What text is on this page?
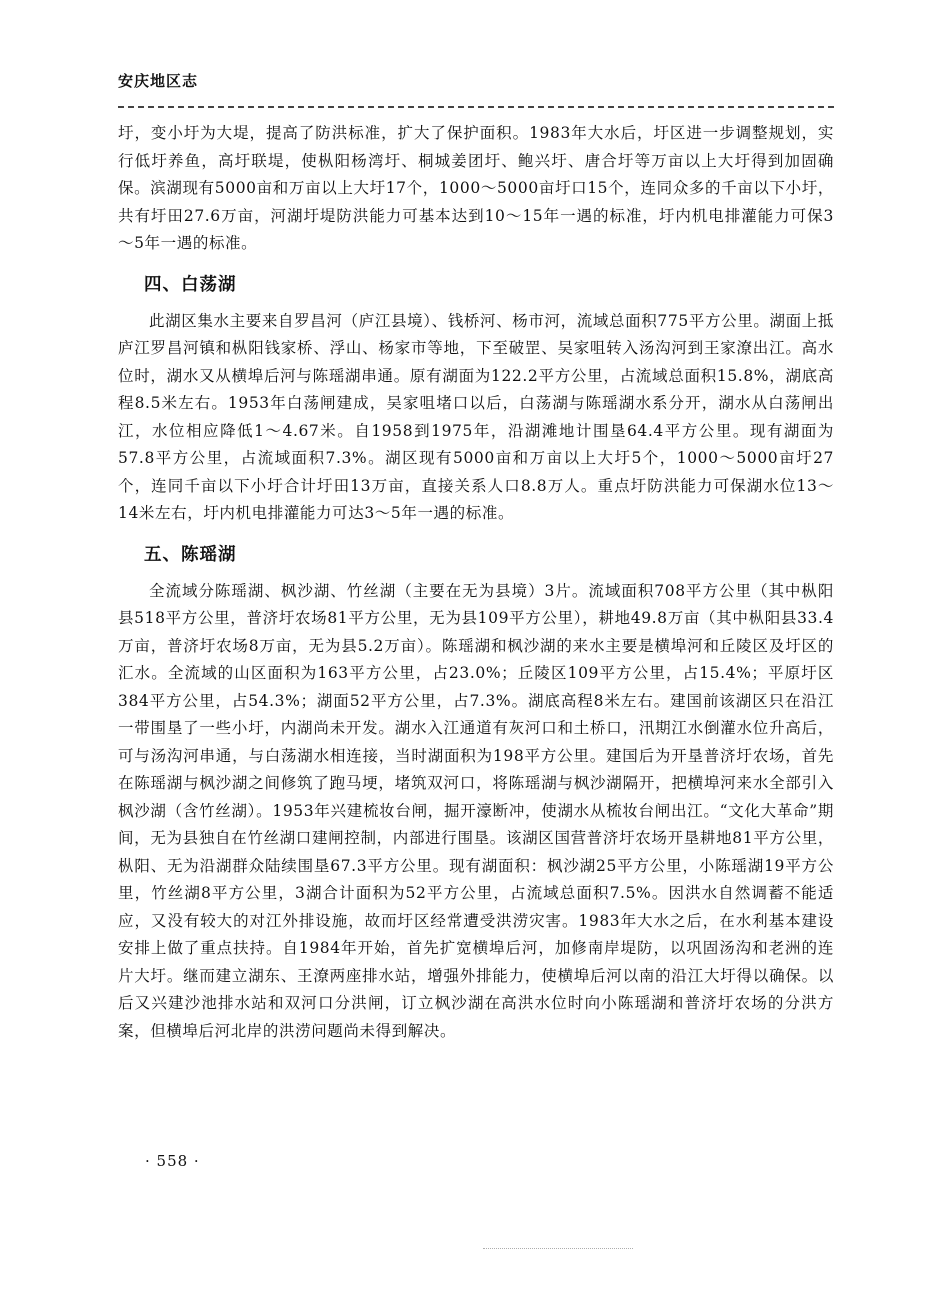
安庆地区志

圩，变小圩为大堤，提高了防洪标准，扩大了保护面积。1983年大水后，圩区进一步调整规划，实行低圩养鱼，高圩联堤，使枞阳杨湾圩、桐城姜团圩、鲍兴圩、唐合圩等万亩以上大圩得到加固确保。滨湖现有5000亩和万亩以上大圩17个，1000～5000亩圩口15个，连同众多的千亩以下小圩，共有圩田27.6万亩，河湖圩堤防洪能力可基本达到10～15年一遇的标准，圩内机电排灌能力可保3～5年一遇的标准。

四、白荡湖

此湖区集水主要来自罗昌河（庐江县境）、钱桥河、杨市河，流域总面积775平方公里。湖面上抵庐江罗昌河镇和枞阳钱家桥、浮山、杨家市等地，下至破罡、吴家咀转入汤沟河到王家潦出江。高水位时，湖水又从横埠后河与陈瑶湖串通。原有湖面为122.2平方公里，占流域总面积15.8%，湖底高程8.5米左右。1953年白荡闸建成，吴家咀堵口以后，白荡湖与陈瑶湖水系分开，湖水从白荡闸出江，水位相应降低1～4.67米。自1958到1975年，沿湖滩地计围垦64.4平方公里。现有湖面为57.8平方公里，占流域面积7.3%。湖区现有5000亩和万亩以上大圩5个，1000～5000亩圩27个，连同千亩以下小圩合计圩田13万亩，直接关系人口8.8万人。重点圩防洪能力可保湖水位13～14米左右，圩内机电排灌能力可达3～5年一遇的标准。

五、陈瑶湖

全流域分陈瑶湖、枫沙湖、竹丝湖（主要在无为县境）3片。流域面积708平方公里（其中枞阳县518平方公里，普济圩农场81平方公里，无为县109平方公里），耕地49.8万亩（其中枞阳县33.4万亩，普济圩农场8万亩，无为县5.2万亩）。陈瑶湖和枫沙湖的来水主要是横埠河和丘陵区及圩区的汇水。全流域的山区面积为163平方公里，占23.0%；丘陵区109平方公里，占15.4%；平原圩区384平方公里，占54.3%；湖面52平方公里，占7.3%。湖底高程8米左右。建国前该湖区只在沿江一带围垦了一些小圩，内湖尚未开发。湖水入江通道有灰河口和土桥口，汛期江水倒灌水位升高后，可与汤沟河串通，与白荡湖水相连接，当时湖面积为198平方公里。建国后为开垦普济圩农场，首先在陈瑶湖与枫沙湖之间修筑了跑马埂，堵筑双河口，将陈瑶湖与枫沙湖隔开，把横埠河来水全部引入枫沙湖（含竹丝湖）。1953年兴建梳妆台闸，掘开濠断冲，使湖水从梳妆台闸出江。“文化大革命”期间，无为县独自在竹丝湖口建闸控制，内部进行围垦。该湖区国营普济圩农场开垦耕地81平方公里，枞阳、无为沿湖群众陆续围垦67.3平方公里。现有湖面积：枫沙湖25平方公里，小陈瑶湖19平方公里，竹丝湖8平方公里，3湖合计面积为52平方公里，占流域总面积7.5%。因洪水自然调蓄不能适应，又没有较大的对江外排设施，故而圩区经常遭受洪涝灾害。1983年大水之后，在水利基本建设安排上做了重点扶持。自1984年开始，首先扩宽横埠后河，加修南岸堤防，以巩固汤沟和老洲的连片大圩。继而建立湖东、王潦两座排水站，增强外排能力，使横埠后河以南的沿江大圩得以确保。以后又兴建沙池排水站和双河口分洪闸，订立枫沙湖在高洪水位时向小陈瑶湖和普济圩农场的分洪方案，但横埠后河北岸的洪涝问题尚未得到解决。

· 558 ·
